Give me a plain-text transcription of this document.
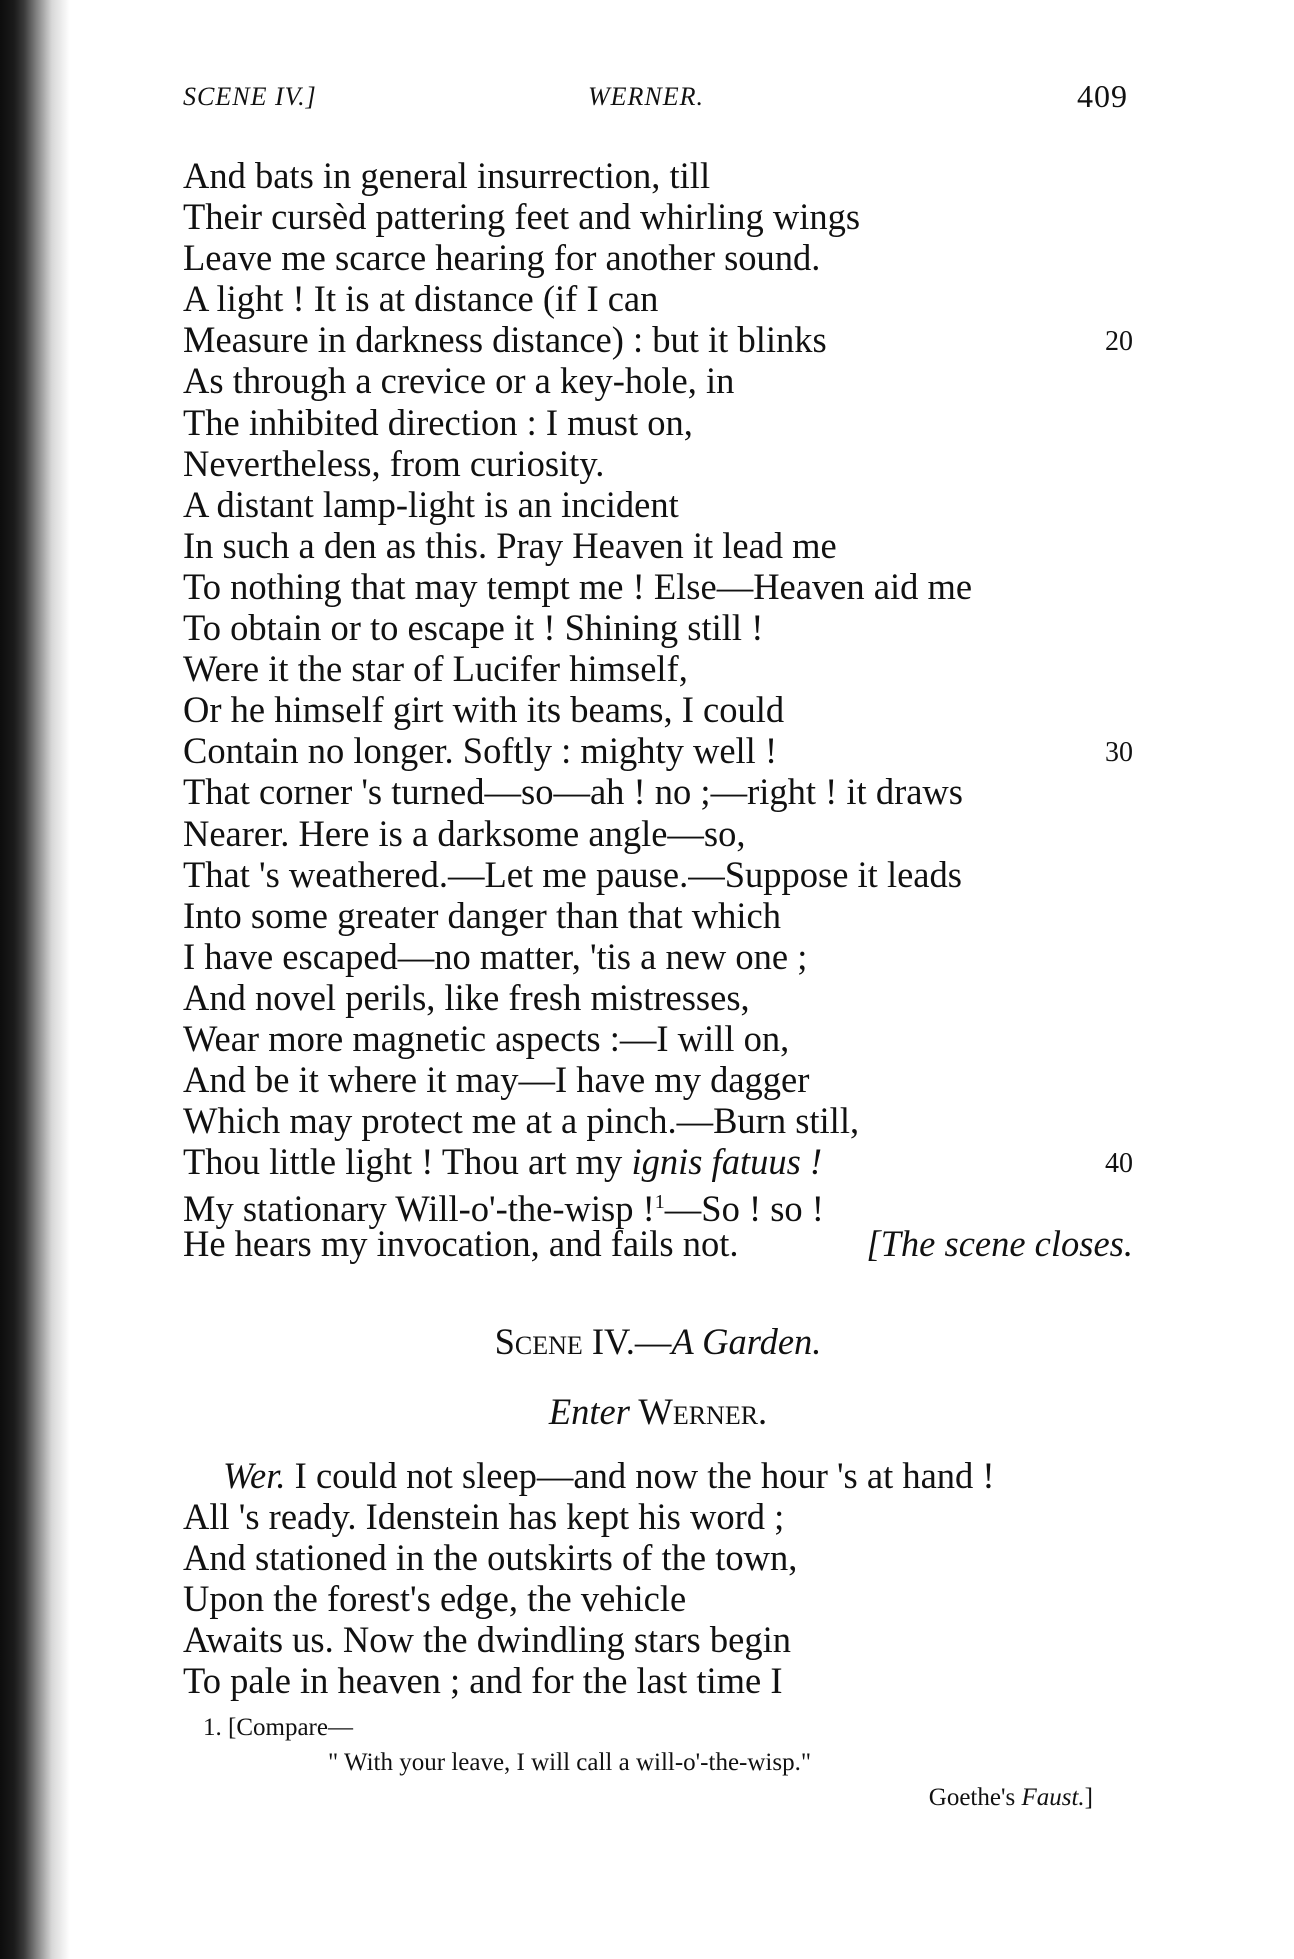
SCENE IV.]	WERNER.	409
And bats in general insurrection, till
Their cursèd pattering feet and whirling wings
Leave me scarce hearing for another sound.
A light ! It is at distance (if I can
Measure in darkness distance) : but it blinks	20
As through a crevice or a key-hole, in
The inhibited direction : I must on,
Nevertheless, from curiosity.
A distant lamp-light is an incident
In such a den as this. Pray Heaven it lead me
To nothing that may tempt me ! Else—Heaven aid me
To obtain or to escape it ! Shining still !
Were it the star of Lucifer himself,
Or he himself girt with its beams, I could
Contain no longer. Softly : mighty well !	30
That corner 's turned—so—ah ! no ;—right ! it draws
Nearer. Here is a darksome angle—so,
That 's weathered.—Let me pause.—Suppose it leads
Into some greater danger than that which
I have escaped—no matter, 'tis a new one ;
And novel perils, like fresh mistresses,
Wear more magnetic aspects :—I will on,
And be it where it may—I have my dagger
Which may protect me at a pinch.—Burn still,
Thou little light ! Thou art my ignis fatuus !	40
My stationary Will-o'-the-wisp !$^1$—So ! so !
He hears my invocation, and fails not.	[The scene closes.
Scene IV.—A Garden.
Enter Werner.
Wer. I could not sleep—and now the hour 's at hand !
All 's ready. Idenstein has kept his word ;
And stationed in the outskirts of the town,
Upon the forest's edge, the vehicle
Awaits us. Now the dwindling stars begin
To pale in heaven ; and for the last time I
1. [Compare—
" With your leave, I will call a will-o'-the-wisp."
Goethe's Faust.]
